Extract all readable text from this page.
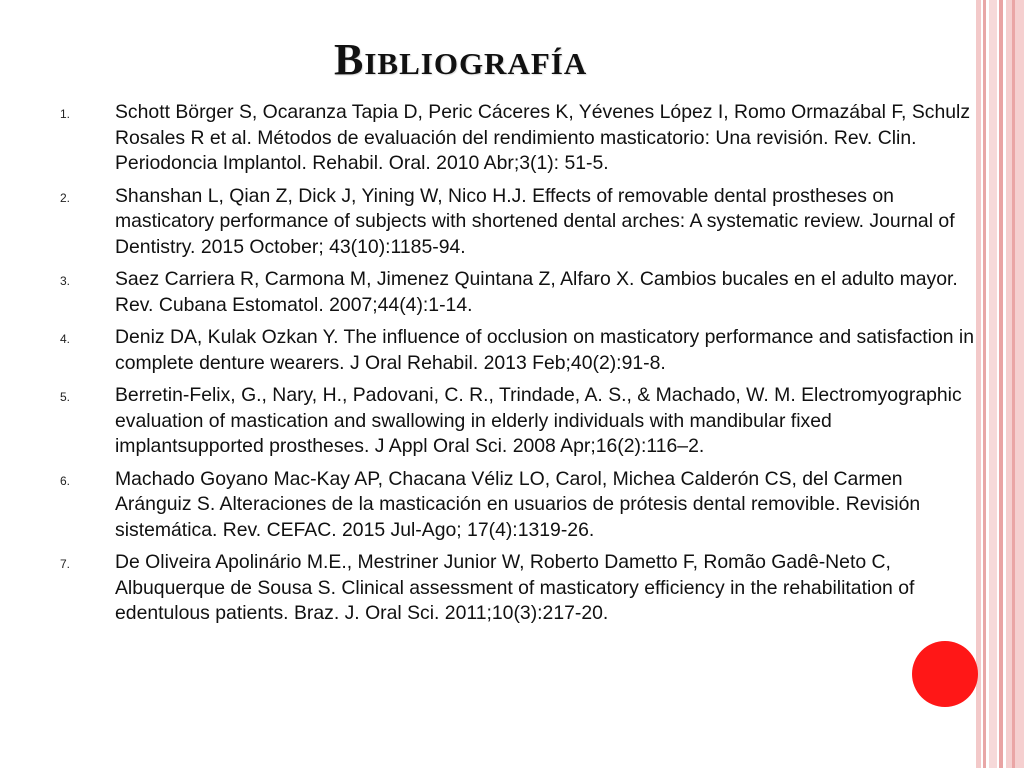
Bibliografía
1. Schott Börger S, Ocaranza Tapia D, Peric Cáceres K, Yévenes López I, Romo Ormazábal F, Schulz Rosales R et al. Métodos de evaluación del rendimiento masticatorio: Una revisión. Rev. Clin. Periodoncia Implantol. Rehabil. Oral. 2010 Abr;3(1): 51-5.
2. Shanshan L, Qian Z, Dick J, Yining W, Nico H.J. Effects of removable dental prostheses on masticatory performance of subjects with shortened dental arches: A systematic review. Journal of Dentistry. 2015 October; 43(10):1185-94.
3. Saez Carriera R, Carmona M, Jimenez Quintana Z, Alfaro X. Cambios bucales en el adulto mayor. Rev. Cubana Estomatol. 2007;44(4):1-14.
4. Deniz DA, Kulak Ozkan Y. The influence of occlusion on masticatory performance and satisfaction in complete denture wearers. J Oral Rehabil. 2013 Feb;40(2):91-8.
5. Berretin-Felix, G., Nary, H., Padovani, C. R., Trindade, A. S., & Machado, W. M. Electromyographic evaluation of mastication and swallowing in elderly individuals with mandibular fixed implantsupported prostheses. J Appl Oral Sci. 2008 Apr;16(2):116–2.
6. Machado Goyano Mac-Kay AP, Chacana Véliz LO, Carol, Michea Calderón CS, del Carmen Aránguiz S. Alteraciones de la masticación en usuarios de prótesis dental removible. Revisión sistemática. Rev. CEFAC. 2015 Jul-Ago; 17(4):1319-26.
7. De Oliveira Apolinário M.E., Mestriner Junior W, Roberto Dametto F, Romão Gadê-Neto C, Albuquerque de Sousa S. Clinical assessment of masticatory efficiency in the rehabilitation of edentulous patients. Braz. J. Oral Sci. 2011;10(3):217-20.
